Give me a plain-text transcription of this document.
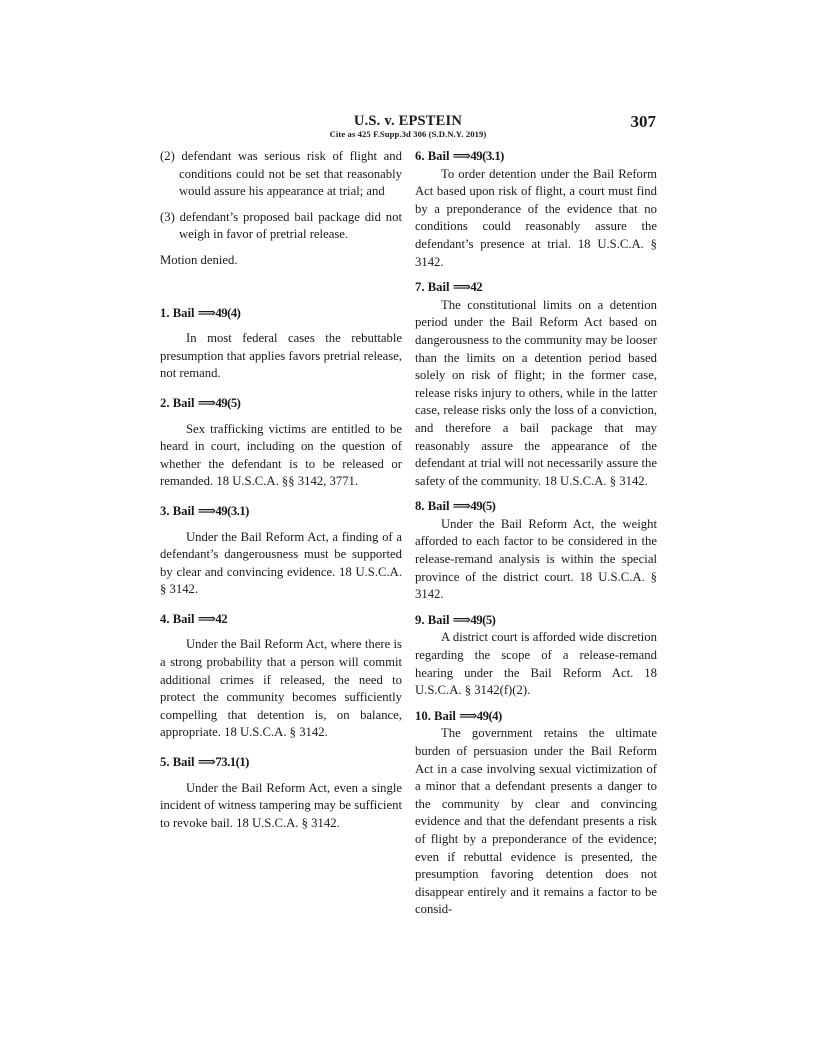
U.S. v. EPSTEIN
Cite as 425 F.Supp.3d 306 (S.D.N.Y. 2019)
307

(2) defendant was serious risk of flight and conditions could not be set that reasonably would assure his appearance at trial; and

(3) defendant’s proposed bail package did not weigh in favor of pretrial release.

Motion denied.

1. Bail ⟹49(4)

In most federal cases the rebuttable presumption that applies favors pretrial release, not remand.

2. Bail ⟹49(5)

Sex trafficking victims are entitled to be heard in court, including on the question of whether the defendant is to be released or remanded. 18 U.S.C.A. §§ 3142, 3771.

3. Bail ⟹49(3.1)

Under the Bail Reform Act, a finding of a defendant’s dangerousness must be supported by clear and convincing evidence. 18 U.S.C.A. § 3142.

4. Bail ⟹42

Under the Bail Reform Act, where there is a strong probability that a person will commit additional crimes if released, the need to protect the community becomes sufficiently compelling that detention is, on balance, appropriate. 18 U.S.C.A. § 3142.

5. Bail ⟹73.1(1)

Under the Bail Reform Act, even a single incident of witness tampering may be sufficient to revoke bail. 18 U.S.C.A. § 3142.

6. Bail ⟹49(3.1)

To order detention under the Bail Reform Act based upon risk of flight, a court must find by a preponderance of the evidence that no conditions could reasonably assure the defendant’s presence at trial. 18 U.S.C.A. § 3142.

7. Bail ⟹42

The constitutional limits on a detention period under the Bail Reform Act based on dangerousness to the community may be looser than the limits on a detention period based solely on risk of flight; in the former case, release risks injury to others, while in the latter case, release risks only the loss of a conviction, and therefore a bail package that may reasonably assure the appearance of the defendant at trial will not necessarily assure the safety of the community. 18 U.S.C.A. § 3142.

8. Bail ⟹49(5)

Under the Bail Reform Act, the weight afforded to each factor to be considered in the release-remand analysis is within the special province of the district court. 18 U.S.C.A. § 3142.

9. Bail ⟹49(5)

A district court is afforded wide discretion regarding the scope of a release-remand hearing under the Bail Reform Act. 18 U.S.C.A. § 3142(f)(2).

10. Bail ⟹49(4)

The government retains the ultimate burden of persuasion under the Bail Reform Act in a case involving sexual victimization of a minor that a defendant presents a danger to the community by clear and convincing evidence and that the defendant presents a risk of flight by a preponderance of the evidence; even if rebuttal evidence is presented, the presumption favoring detention does not disappear entirely and it remains a factor to be consid-
